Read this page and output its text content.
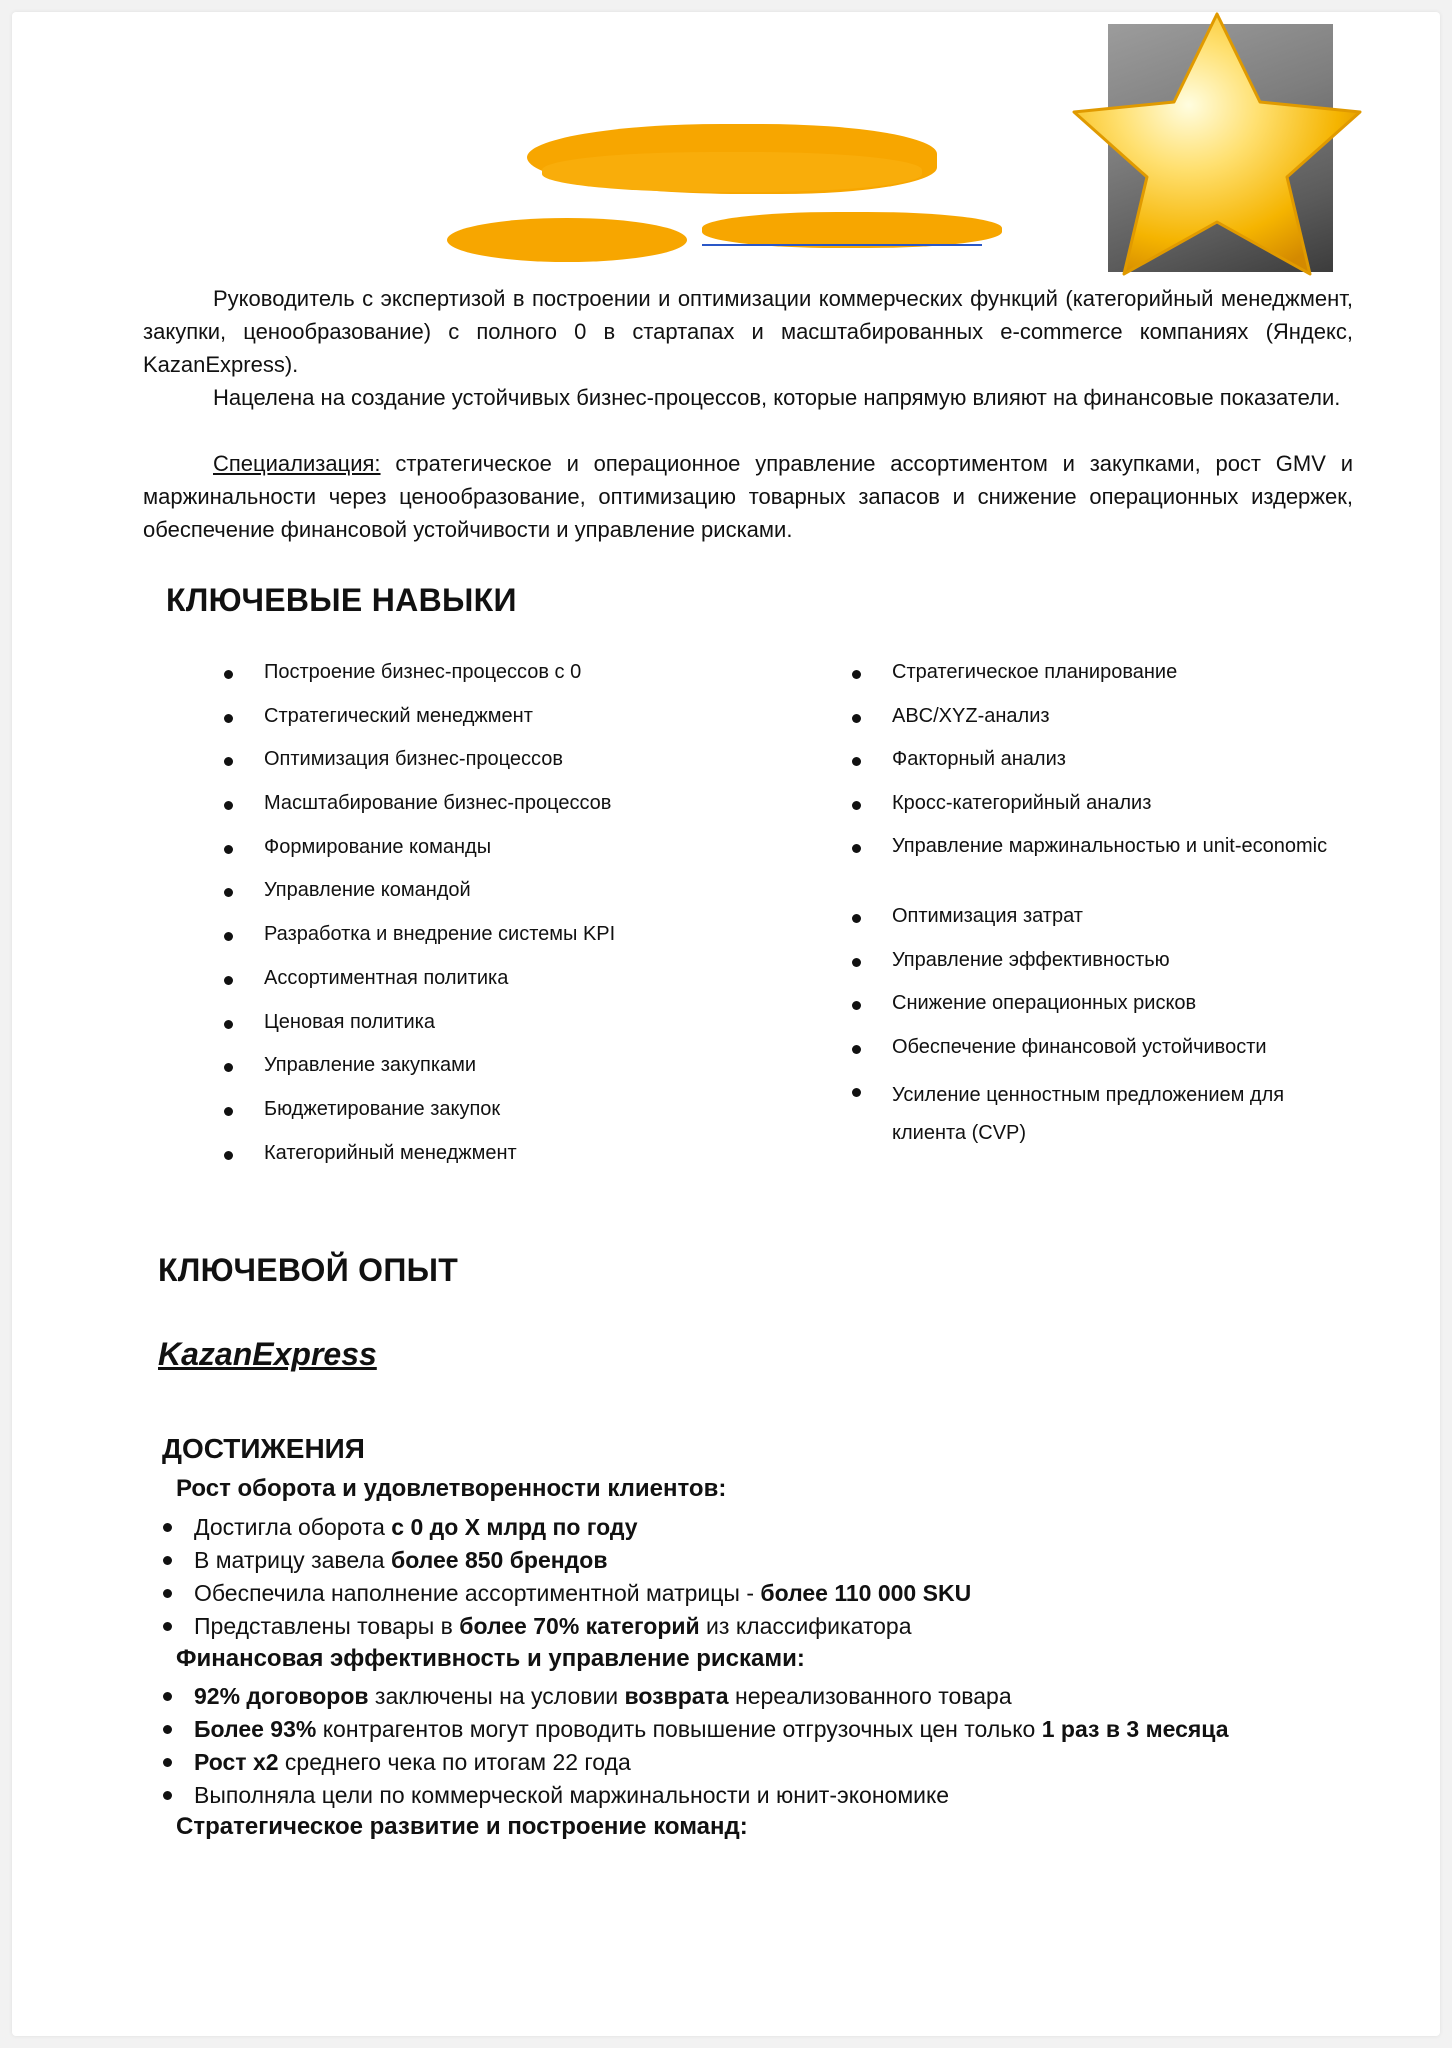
Руководитель с экспертизой в построении и оптимизации коммерческих функций (категорийный менеджмент, закупки, ценообразование) с полного 0 в стартапах и масштабированных e-commerce компаниях (Яндекс, KazanExpress).

Нацелена на создание устойчивых бизнес-процессов, которые напрямую влияют на финансовые показатели.

Специализация: стратегическое и операционное управление ассортиментом и закупками, рост GMV и маржинальности через ценообразование, оптимизацию товарных запасов и снижение операционных издержек, обеспечение финансовой устойчивости и управление рисками.

КЛЮЧЕВЫЕ НАВЫКИ
Построение бизнес-процессов с 0
Стратегический менеджмент
Оптимизация бизнес-процессов
Масштабирование бизнес-процессов
Формирование команды
Управление командой
Разработка и внедрение системы KPI
Ассортиментная политика
Ценовая политика
Управление закупками
Бюджетирование закупок
Категорийный менеджмент
Стратегическое планирование
ABC/XYZ-анализ
Факторный анализ
Кросс-категорийный анализ
Управление маржинальностью и unit-economic
Оптимизация затрат
Управление эффективностью
Снижение операционных рисков
Обеспечение финансовой устойчивости
Усиление ценностным предложением для клиента (CVP)
КЛЮЧЕВОЙ ОПЫТ
KazanExpress
ДОСТИЖЕНИЯ
Рост оборота и удовлетворенности клиентов:
Достигла оборота с 0 до Х млрд по году
В матрицу завела более 850 брендов
Обеспечила наполнение ассортиментной матрицы - более 110 000 SKU
Представлены товары в более 70% категорий из классификатора
Финансовая эффективность и управление рисками:
92% договоров заключены на условии возврата нереализованного товара
Более 93% контрагентов могут проводить повышение отгрузочных цен только 1 раз в 3 месяца
Рост х2 среднего чека по итогам 22 года
Выполняла цели по коммерческой маржинальности и юнит-экономике
Стратегическое развитие и построение команд:
